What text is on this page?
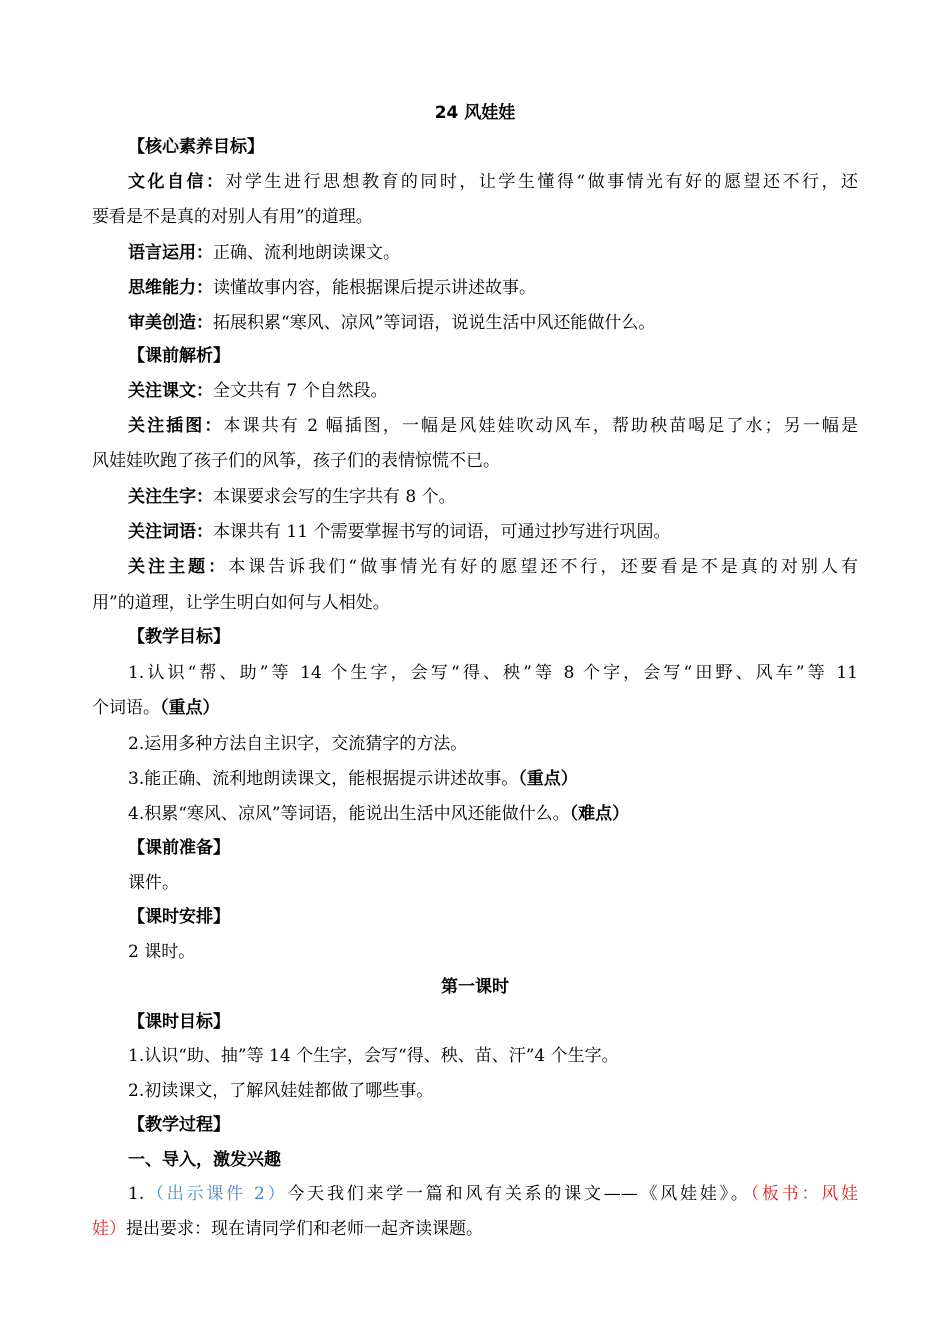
24 风娃娃
【核心素养目标】
文化自信：对学生进行思想教育的同时，让学生懂得“做事情光有好的愿望还不行，还
要看是不是真的对别人有用”的道理。
语言运用：正确、流利地朗读课文。
思维能力：读懂故事内容，能根据课后提示讲述故事。
审美创造：拓展积累“寒风、凉风”等词语，说说生活中风还能做什么。
【课前解析】
关注课文：全文共有 7 个自然段。
关注插图：本课共有 2 幅插图，一幅是风娃娃吹动风车，帮助秧苗喝足了水；另一幅是
风娃娃吹跑了孩子们的风筝，孩子们的表情惊慌不已。
关注生字：本课要求会写的生字共有 8 个。
关注词语：本课共有 11 个需要掌握书写的词语，可通过抄写进行巩固。
关注主题：本课告诉我们“做事情光有好的愿望还不行，还要看是不是真的对别人有
用”的道理，让学生明白如何与人相处。
【教学目标】
1.认识“帮、助”等 14 个生字，会写“得、秧”等 8 个字，会写“田野、风车”等 11
个词语。（重点）
2.运用多种方法自主识字，交流猜字的方法。
3.能正确、流利地朗读课文，能根据提示讲述故事。（重点）
4.积累“寒风、凉风”等词语，能说出生活中风还能做什么。（难点）
【课前准备】
课件。
【课时安排】
2 课时。
第一课时
【课时目标】
1.认识“助、抽”等 14 个生字，会写“得、秧、苗、汗”4 个生字。
2.初读课文，了解风娃娃都做了哪些事。
【教学过程】
一、导入，激发兴趣
1.（出示课件 2）今天我们来学一篇和风有关系的课文——《风娃娃》。（板书：风娃
娃）提出要求：现在请同学们和老师一起齐读课题。
